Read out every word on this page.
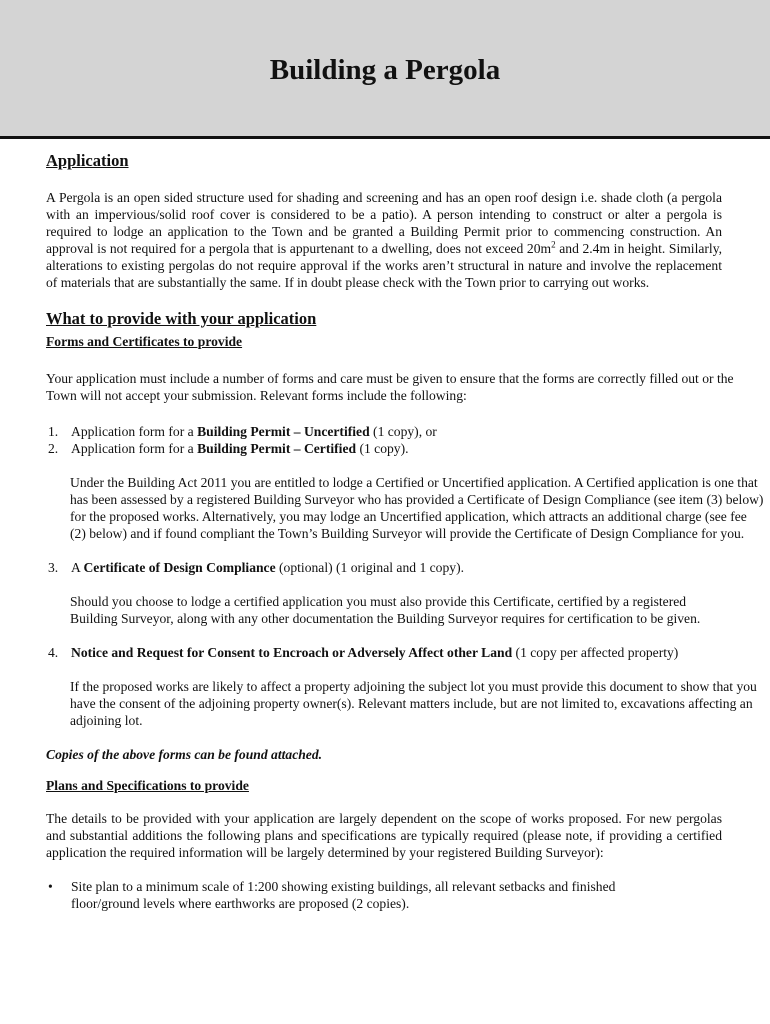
Building a Pergola
Application

A Pergola is an open sided structure used for shading and screening and has an open roof design i.e. shade cloth (a pergola with an impervious/solid roof cover is considered to be a patio). A person intending to construct or alter a pergola is required to lodge an application to the Town and be granted a Building Permit prior to commencing construction. An approval is not required for a pergola that is appurtenant to a dwelling, does not exceed $20m^2$ and 2.4m in height. Similarly, alterations to existing pergolas do not require approval if the works aren’t structural in nature and involve the replacement of materials that are substantially the same. If in doubt please check with the Town prior to carrying out works.

What to provide with your application
Forms and Certificates to provide

Your application must include a number of forms and care must be given to ensure that the forms are correctly filled out or the Town will not accept your submission. Relevant forms include the following:

1. Application form for a Building Permit – Uncertified (1 copy), or
2. Application form for a Building Permit – Certified (1 copy).

Under the Building Act 2011 you are entitled to lodge a Certified or Uncertified application. A Certified application is one that has been assessed by a registered Building Surveyor who has provided a Certificate of Design Compliance (see item (3) below) for the proposed works. Alternatively, you may lodge an Uncertified application, which attracts an additional charge (see fee (2) below) and if found compliant the Town’s Building Surveyor will provide the Certificate of Design Compliance for you.

3. A Certificate of Design Compliance (optional) (1 original and 1 copy).

Should you choose to lodge a certified application you must also provide this Certificate, certified by a registered Building Surveyor, along with any other documentation the Building Surveyor requires for certification to be given.

4. Notice and Request for Consent to Encroach or Adversely Affect other Land (1 copy per affected property)

If the proposed works are likely to affect a property adjoining the subject lot you must provide this document to show that you have the consent of the adjoining property owner(s). Relevant matters include, but are not limited to, excavations affecting an adjoining lot.

Copies of the above forms can be found attached.

Plans and Specifications to provide

The details to be provided with your application are largely dependent on the scope of works proposed. For new pergolas and substantial additions the following plans and specifications are typically required (please note, if providing a certified application the required information will be largely determined by your registered Building Surveyor):

•	Site plan to a minimum scale of 1:200 showing existing buildings, all relevant setbacks and finished floor/ground levels where earthworks are proposed (2 copies).
